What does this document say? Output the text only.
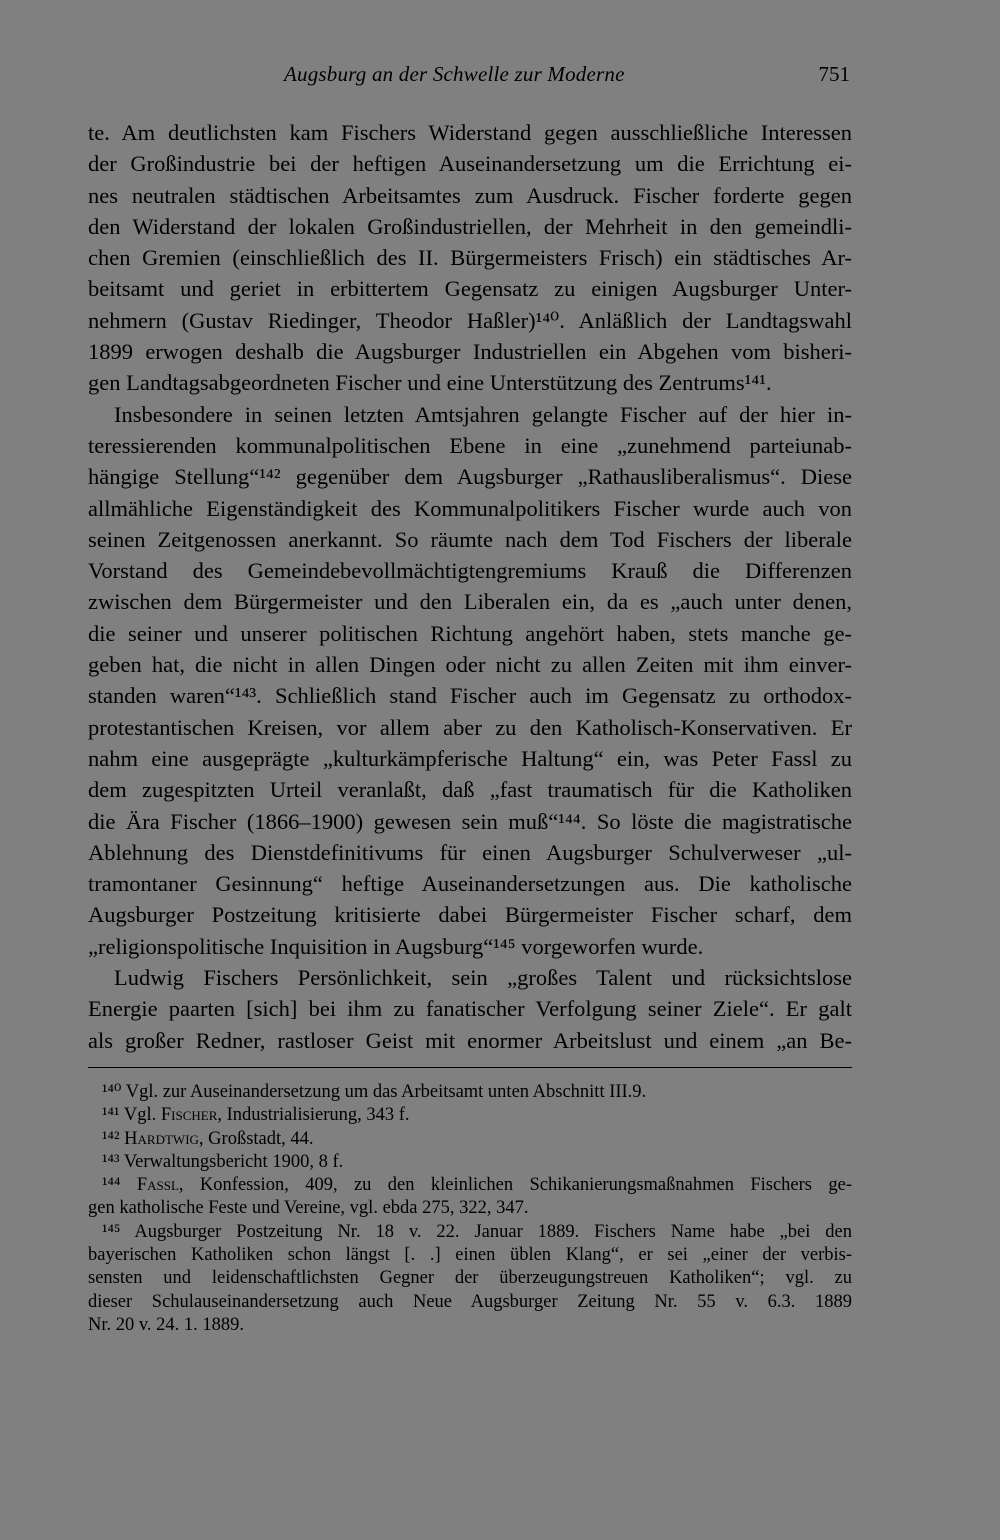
Augsburg an der Schwelle zur Moderne	751
te. Am deutlichsten kam Fischers Widerstand gegen ausschließliche Interessen
der Großindustrie bei der heftigen Auseinandersetzung um die Errichtung ei-
nes neutralen städtischen Arbeitsamtes zum Ausdruck. Fischer forderte gegen
den Widerstand der lokalen Großindustriellen, der Mehrheit in den gemeindli-
chen Gremien (einschließlich des II. Bürgermeisters Frisch) ein städtisches Ar-
beitsamt und geriet in erbittertem Gegensatz zu einigen Augsburger Unter-
nehmern (Gustav Riedinger, Theodor Haßler)¹⁴⁰. Anläßlich der Landtagswahl
1899 erwogen deshalb die Augsburger Industriellen ein Abgehen vom bisheri-
gen Landtagsabgeordneten Fischer und eine Unterstützung des Zentrums¹⁴¹.
Insbesondere in seinen letzten Amtsjahren gelangte Fischer auf der hier in-
teressierenden kommunalpolitischen Ebene in eine „zunehmend parteiunab-
hängige Stellung“¹⁴² gegenüber dem Augsburger „Rathausliberalismus“. Diese
allmähliche Eigenständigkeit des Kommunalpolitikers Fischer wurde auch von
seinen Zeitgenossen anerkannt. So räumte nach dem Tod Fischers der liberale
Vorstand des Gemeindebevollmächtigtengremiums Krauß die Differenzen
zwischen dem Bürgermeister und den Liberalen ein, da es „auch unter denen,
die seiner und unserer politischen Richtung angehört haben, stets manche ge-
geben hat, die nicht in allen Dingen oder nicht zu allen Zeiten mit ihm einver-
standen waren“¹⁴³. Schließlich stand Fischer auch im Gegensatz zu orthodox-
protestantischen Kreisen, vor allem aber zu den Katholisch-Konservativen. Er
nahm eine ausgeprägte „kulturkämpferische Haltung“ ein, was Peter Fassl zu
dem zugespitzten Urteil veranlaßt, daß „fast traumatisch für die Katholiken
die Ära Fischer (1866–1900) gewesen sein muß“¹⁴⁴. So löste die magistratische
Ablehnung des Dienstdefinitivums für einen Augsburger Schulverweser „ul-
tramontaner Gesinnung“ heftige Auseinandersetzungen aus. Die katholische
Augsburger Postzeitung kritisierte dabei Bürgermeister Fischer scharf, dem
„religionspolitische Inquisition in Augsburg“¹⁴⁵ vorgeworfen wurde.
Ludwig Fischers Persönlichkeit, sein „großes Talent und rücksichtslose
Energie paarten [sich] bei ihm zu fanatischer Verfolgung seiner Ziele“. Er galt
als großer Redner, rastloser Geist mit enormer Arbeitslust und einem „an Be-
¹⁴⁰ Vgl. zur Auseinandersetzung um das Arbeitsamt unten Abschnitt III.9.
¹⁴¹ Vgl. Fischer, Industrialisierung, 343 f.
¹⁴² Hardtwig, Großstadt, 44.
¹⁴³ Verwaltungsbericht 1900, 8 f.
¹⁴⁴ Fassl, Konfession, 409, zu den kleinlichen Schikanierungsmaßnahmen Fischers ge-
gen katholische Feste und Vereine, vgl. ebda 275, 322, 347.
¹⁴⁵ Augsburger Postzeitung Nr. 18 v. 22. Januar 1889. Fischers Name habe „bei den
bayerischen Katholiken schon längst [. .] einen üblen Klang“, er sei „einer der verbis-
sensten und leidenschaftlichsten Gegner der überzeugungstreuen Katholiken“; vgl. zu
dieser Schulauseinandersetzung auch Neue Augsburger Zeitung Nr. 55 v. 6.3. 1889
Nr. 20 v. 24. 1. 1889.
